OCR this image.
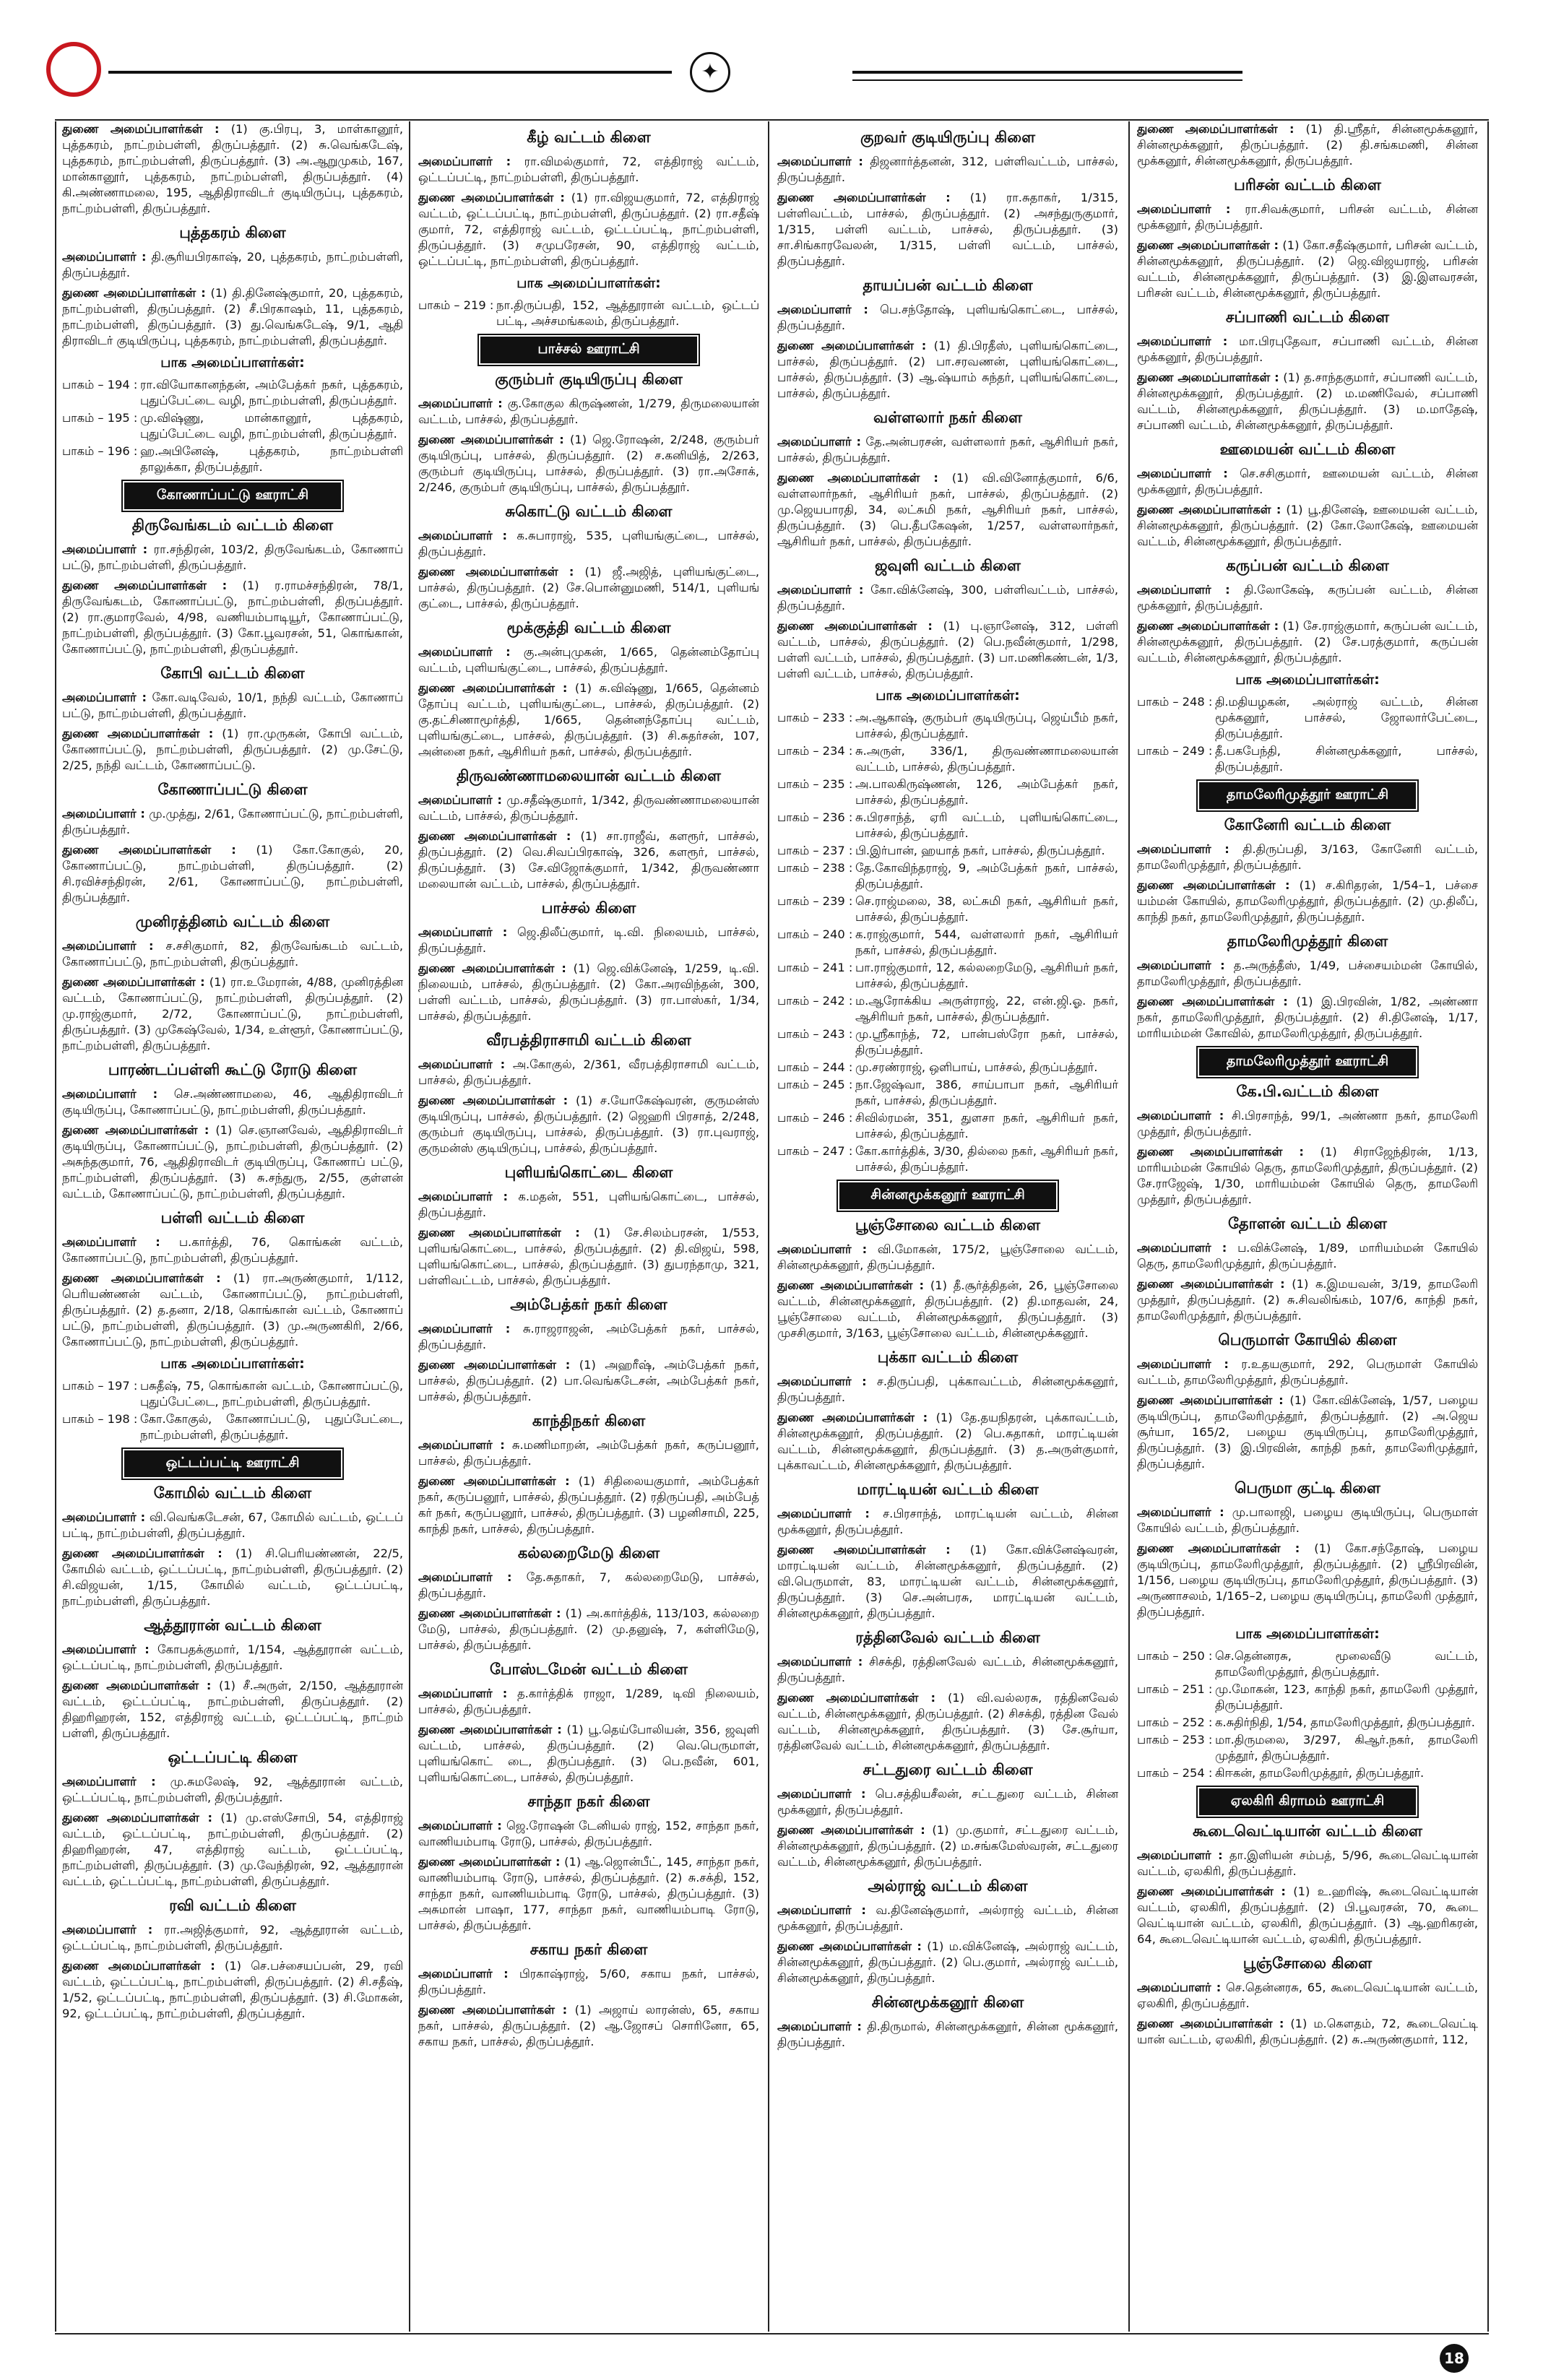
✦
துணை அமைப்பாளர்கள் : (1) கு.பிரபு, 3, மாள்கானூர், புத்தகரம், நாட்றம்பள்ளி, திருப்பத்தூர். (2) சு.வெங்கடேஷ், புத்தகரம், நாட்றம்பள்ளி, திருப்பத்தூர். (3) அ.ஆறுமுகம், 167, மான்கானூர், புத்தகரம், நாட்றம்பள்ளி, திருப்பத்தூர். (4) கி.அண்ணாமலை, 195, ஆதிதிராவிடர் குடியிருப்பு, புத்தகரம், நாட்றம்பள்ளி, திருப்பத்தூர்.
புத்தகரம் கிளை
அமைப்பாளர் : தி.சூரியபிரகாஷ், 20, புத்தகரம், நாட்றம்பள்ளி, திருப்பத்தூர்.
துணை அமைப்பாளர்கள் : (1) தி.தினேஷ்குமார், 20, புத்தகரம், நாட்றம்பள்ளி, திருப்பத்தூர். (2) சீ.பிரகாஷம், 11, புத்தகரம், நாட்றம்பள்ளி, திருப்பத்தூர். (3) து.வெங்கடேஷ், 9/1, ஆதி திராவிடர் குடியிருப்பு, புத்தகரம், நாட்றம்பள்ளி, திருப்பத்தூர்.
பாக அமைப்பாளர்கள்:
பாகம் – 194 : ரா.வியோகானந்தன், அம்பேத்கர் நகர், புத்தகரம், புதுப்பேட்டை வழி, நாட்றம்பள்ளி, திருப்பத்தூர்.
பாகம் – 195 : மு.விஷ்ணு, மான்கானூர், புத்தகரம், புதுப்பேட்டை வழி, நாட்றம்பள்ளி, திருப்பத்தூர்.
பாகம் – 196 : ஹ.அபினேஷ், புத்தகரம், நாட்றம்பள்ளி தாலுக்கா, திருப்பத்தூர்.
கோணாப்பட்டு ஊராட்சி
திருவேங்கடம் வட்டம் கிளை
அமைப்பாளர் : ரா.சந்திரன், 103/2, திருவேங்கடம், கோணாப் பட்டு, நாட்றம்பள்ளி, திருப்பத்தூர்.
துணை அமைப்பாளர்கள் : (1) ர.ராமச்சந்திரன், 78/1, திருவேங்கடம், கோணாப்பட்டு, நாட்றம்பள்ளி, திருப்பத்தூர். (2) ரா.குமாரவேல், 4/98, வணியம்பாடியூர், கோணாப்பட்டு, நாட்றம்பள்ளி, திருப்பத்தூர். (3) கோ.பூவரசன், 51, கொங்கான், கோணாப்பட்டு, நாட்றம்பள்ளி, திருப்பத்தூர்.
கோபி வட்டம் கிளை
அமைப்பாளர் : கோ.வடிவேல், 10/1, நந்தி வட்டம், கோணாப் பட்டு, நாட்றம்பள்ளி, திருப்பத்தூர்.
துணை அமைப்பாளர்கள் : (1) ரா.முருகன், கோபி வட்டம், கோணாப்பட்டு, நாட்றம்பள்ளி, திருப்பத்தூர். (2) மு.சேட்டு, 2/25, நந்தி வட்டம், கோணாப்பட்டு.
கோணாப்பட்டு கிளை
அமைப்பாளர் : மு.முத்து, 2/61, கோணாப்பட்டு, நாட்றம்பள்ளி, திருப்பத்தூர்.
துணை அமைப்பாளர்கள் : (1) கோ.கோகுல், 20, கோணாப்பட்டு, நாட்றம்பள்ளி, திருப்பத்தூர். (2) சி.ரவிச்சந்திரன், 2/61, கோணாப்பட்டு, நாட்றம்பள்ளி, திருப்பத்தூர்.
முனிரத்தினம் வட்டம் கிளை
அமைப்பாளர் : ச.சசிகுமார், 82, திருவேங்கடம் வட்டம், கோணாப்பட்டு, நாட்றம்பள்ளி, திருப்பத்தூர்.
துணை அமைப்பாளர்கள் : (1) ரா.உமேரான், 4/88, முனிரத்தின வட்டம், கோணாப்பட்டு, நாட்றம்பள்ளி, திருப்பத்தூர். (2) மு.ராஜ்குமார், 2/72, கோணாப்பட்டு, நாட்றம்பள்ளி, திருப்பத்தூர். (3) முகேஷ்வேல், 1/34, உள்ளூர், கோணாப்பட்டு, நாட்றம்பள்ளி, திருப்பத்தூர்.
பாரண்டப்பள்ளி கூட்டு ரோடு கிளை
அமைப்பாளர் : செ.அண்ணாமலை, 46, ஆதிதிராவிடர் குடியிருப்பு, கோணாப்பட்டு, நாட்றம்பள்ளி, திருப்பத்தூர்.
துணை அமைப்பாளர்கள் : (1) செ.ஞானவேல், ஆதிதிராவிடர் குடியிருப்பு, கோணாப்பட்டு, நாட்றம்பள்ளி, திருப்பத்தூர். (2) அசுந்தகுமார், 76, ஆதிதிராவிடர் குடியிருப்பு, கோணாப் பட்டு, நாட்றம்பள்ளி, திருப்பத்தூர். (3) சு.சந்துரு, 2/55, குள்ளன் வட்டம், கோணாப்பட்டு, நாட்றம்பள்ளி, திருப்பத்தூர்.
பள்ளி வட்டம் கிளை
அமைப்பாளர் : ப.கார்த்தி, 76, கொங்கன் வட்டம், கோணாப்பட்டு, நாட்றம்பள்ளி, திருப்பத்தூர்.
துணை அமைப்பாளர்கள் : (1) ரா.அருண்குமார், 1/112, பெரியண்ணன் வட்டம், கோணாப்பட்டு, நாட்றம்பள்ளி, திருப்பத்தூர். (2) த.தனா, 2/18, கொங்கான் வட்டம், கோணாப் பட்டு, நாட்றம்பள்ளி, திருப்பத்தூர். (3) மு.அருணகிரி, 2/66, கோணாப்பட்டு, நாட்றம்பள்ளி, திருப்பத்தூர்.
பாக அமைப்பாளர்கள்:
பாகம் – 197 : பசுதீஷ், 75, கொங்கான் வட்டம், கோணாப்பட்டு, புதுப்பேட்டை, நாட்றம்பள்ளி, திருப்பத்தூர்.
பாகம் – 198 : கோ.கோகுல், கோணாப்பட்டு, புதுப்பேட்டை, நாட்றம்பள்ளி, திருப்பத்தூர்.
ஒட்டப்பட்டி ஊராட்சி
கோமில் வட்டம் கிளை
அமைப்பாளர் : வி.வெங்கடேசன், 67, கோமில் வட்டம், ஒட்டப் பட்டி, நாட்றம்பள்ளி, திருப்பத்தூர்.
துணை அமைப்பாளர்கள் : (1) சி.பெரியண்ணன், 22/5, கோமில் வட்டம், ஒட்டப்பட்டி, நாட்றம்பள்ளி, திருப்பத்தூர். (2) சி.விஜயன், 1/15, கோமில் வட்டம், ஒட்டப்பட்டி, நாட்றம்பள்ளி, திருப்பத்தூர்.
ஆத்தூரான் வட்டம் கிளை
அமைப்பாளர் : கோபதக்குமார், 1/154, ஆத்தூரான் வட்டம், ஒட்டப்பட்டி, நாட்றம்பள்ளி, திருப்பத்தூர்.
துணை அமைப்பாளர்கள் : (1) சீ.அருள், 2/150, ஆத்தூரான் வட்டம், ஒட்டப்பட்டி, நாட்றம்பள்ளி, திருப்பத்தூர். (2) திஹரிஹரன், 152, எத்திராஜ் வட்டம், ஒட்டப்பட்டி, நாட்றம் பள்ளி, திருப்பத்தூர்.
ஒட்டப்பட்டி கிளை
அமைப்பாளர் : மு.சுமலேஷ், 92, ஆத்தூரான் வட்டம், ஒட்டப்பட்டி, நாட்றம்பள்ளி, திருப்பத்தூர்.
துணை அமைப்பாளர்கள் : (1) மு.எஸ்சோபி, 54, எத்திராஜ் வட்டம், ஒட்டப்பட்டி, நாட்றம்பள்ளி, திருப்பத்தூர். (2) திஹரிஹரன், 47, எத்திராஜ் வட்டம், ஒட்டப்பட்டி, நாட்றம்பள்ளி, திருப்பத்தூர். (3) மு.வேந்திரன், 92, ஆத்தூரான் வட்டம், ஒட்டப்பட்டி, நாட்றம்பள்ளி, திருப்பத்தூர்.
ரவி வட்டம் கிளை
அமைப்பாளர் : ரா.அஜித்குமார், 92, ஆத்தூரான் வட்டம், ஒட்டப்பட்டி, நாட்றம்பள்ளி, திருப்பத்தூர்.
துணை அமைப்பாளர்கள் : (1) செ.பச்சையப்பன், 29, ரவி வட்டம், ஒட்டப்பட்டி, நாட்றம்பள்ளி, திருப்பத்தூர். (2) சி.சதீஷ், 1/52, ஒட்டப்பட்டி, நாட்றம்பள்ளி, திருப்பத்தூர். (3) சி.மோகன், 92, ஒட்டப்பட்டி, நாட்றம்பள்ளி, திருப்பத்தூர்.
கீழ் வட்டம் கிளை
அமைப்பாளர் : ரா.விமல்குமார், 72, எத்திராஜ் வட்டம், ஒட்டப்பட்டி, நாட்றம்பள்ளி, திருப்பத்தூர்.
துணை அமைப்பாளர்கள் : (1) ரா.விஜயகுமார், 72, எத்திராஜ் வட்டம், ஒட்டப்பட்டி, நாட்றம்பள்ளி, திருப்பத்தூர். (2) ரா.சதீஷ் குமார், 72, எத்திராஜ் வட்டம், ஒட்டப்பட்டி, நாட்றம்பள்ளி, திருப்பத்தூர். (3) சமுபரேசன், 90, எத்திராஜ் வட்டம், ஒட்டப்பட்டி, நாட்றம்பள்ளி, திருப்பத்தூர்.
பாக அமைப்பாளர்கள்:
பாகம் – 219 : நா.திருப்பதி, 152, ஆத்தூரான் வட்டம், ஒட்டப் பட்டி, அச்சமங்கலம், திருப்பத்தூர்.
பாச்சல் ஊராட்சி
குரும்பர் குடியிருப்பு கிளை
அமைப்பாளர் : கு.கோகுல கிருஷ்ணன், 1/279, திருமலையான் வட்டம், பாச்சல், திருப்பத்தூர்.
துணை அமைப்பாளர்கள் : (1) ஜெ.ரோஷன், 2/248, குரும்பர் குடியிருப்பு, பாச்சல், திருப்பத்தூர். (2) ச.கனியித், 2/263, குரும்பர் குடியிருப்பு, பாச்சல், திருப்பத்தூர். (3) ரா.அசோக், 2/246, குரும்பர் குடியிருப்பு, பாச்சல், திருப்பத்தூர்.
சுகொட்டு வட்டம் கிளை
அமைப்பாளர் : க.சுபாராஜ், 535, புளியங்குட்டை, பாச்சல், திருப்பத்தூர்.
துணை அமைப்பாளர்கள் : (1) ஜீ.அஜித், புளியங்குட்டை, பாச்சல், திருப்பத்தூர். (2) சே.பொன்னுமணி, 514/1, புளியங் குட்டை, பாச்சல், திருப்பத்தூர்.
மூக்குத்தி வட்டம் கிளை
அமைப்பாளர் : கு.அன்புமுகன், 1/665, தென்னம்தோப்பு வட்டம், புளியங்குட்டை, பாச்சல், திருப்பத்தூர்.
துணை அமைப்பாளர்கள் : (1) சு.விஷ்ணு, 1/665, தென்னம் தோப்பு வட்டம், புளியங்குட்டை, பாச்சல், திருப்பத்தூர். (2) கு.தட்சிணாமூர்த்தி, 1/665, தென்னந்தோப்பு வட்டம், புளியங்குட்டை, பாச்சல், திருப்பத்தூர். (3) சி.சுதர்சன், 107, அன்னை நகர், ஆசிரியர் நகர், பாச்சல், திருப்பத்தூர்.
திருவண்ணாமலையான் வட்டம் கிளை
அமைப்பாளர் : மு.சதீஷ்குமார், 1/342, திருவண்ணாமலையான் வட்டம், பாச்சல், திருப்பத்தூர்.
துணை அமைப்பாளர்கள் : (1) சா.ராஜீவ், களரூர், பாச்சல், திருப்பத்தூர். (2) வெ.சிவப்பிரகாஷ், 326, களரூர், பாச்சல், திருப்பத்தூர். (3) சே.விஜோக்குமார், 1/342, திருவண்ணா மலையான் வட்டம், பாச்சல், திருப்பத்தூர்.
பாச்சல் கிளை
அமைப்பாளர் : ஜெ.திலீப்குமார், டி.வி. நிலையம், பாச்சல், திருப்பத்தூர்.
துணை அமைப்பாளர்கள் : (1) ஜெ.விக்னேஷ், 1/259, டி.வி. நிலையம், பாச்சல், திருப்பத்தூர். (2) கோ.அரவிந்தன், 300, பள்ளி வட்டம், பாச்சல், திருப்பத்தூர். (3) ரா.பாஸ்கர், 1/34, பாச்சல், திருப்பத்தூர்.
வீரபத்திராசாமி வட்டம் கிளை
அமைப்பாளர் : அ.கோகுல், 2/361, வீரபத்திராசாமி வட்டம், பாச்சல், திருப்பத்தூர்.
துணை அமைப்பாளர்கள் : (1) ச.யோகேஷ்வரன், குருமன்ஸ் குடியிருப்பு, பாச்சல், திருப்பத்தூர். (2) ஜெஹரி பிரசாத், 2/248, குரும்பர் குடியிருப்பு, பாச்சல், திருப்பத்தூர். (3) ரா.புவராஜ், குருமன்ஸ் குடியிருப்பு, பாச்சல், திருப்பத்தூர்.
புளியங்கொட்டை கிளை
அமைப்பாளர் : க.மதன், 551, புளியங்கொட்டை, பாச்சல், திருப்பத்தூர்.
துணை அமைப்பாளர்கள் : (1) சே.சிலம்பரசன், 1/553, புளியங்கொட்டை, பாச்சல், திருப்பத்தூர். (2) தி.விஜய், 598, புளியங்கொட்டை, பாச்சல், திருப்பத்தூர். (3) துபரந்தாமு, 321, பள்ளிவட்டம், பாச்சல், திருப்பத்தூர்.
அம்பேத்கர் நகர் கிளை
அமைப்பாளர் : சு.ராஜராஜன், அம்பேத்கர் நகர், பாச்சல், திருப்பத்தூர்.
துணை அமைப்பாளர்கள் : (1) அஹரீஷ், அம்பேத்கர் நகர், பாச்சல், திருப்பத்தூர். (2) பா.வெங்கடேசன், அம்பேத்கர் நகர், பாச்சல், திருப்பத்தூர்.
காந்திநகர் கிளை
அமைப்பாளர் : சு.மணிமாறன், அம்பேத்கர் நகர், கருப்பனூர், பாச்சல், திருப்பத்தூர்.
துணை அமைப்பாளர்கள் : (1) சிதிலையகுமார், அம்பேத்கர் நகர், கருப்பனூர், பாச்சல், திருப்பத்தூர். (2) ரதிருப்பதி, அம்பேத் கர் நகர், கருப்பனூர், பாச்சல், திருப்பத்தூர். (3) பழனிசாமி, 225, காந்தி நகர், பாச்சல், திருப்பத்தூர்.
கல்லறைமேடு கிளை
அமைப்பாளர் : தே.சுதாகர், 7, கல்லறைமேடு, பாச்சல், திருப்பத்தூர்.
துணை அமைப்பாளர்கள் : (1) அ.கார்த்திக், 113/103, கல்லறை மேடு, பாச்சல், திருப்பத்தூர். (2) மு.தனுஷ், 7, கள்ளிமேடு, பாச்சல், திருப்பத்தூர்.
போஸ்டமேன் வட்டம் கிளை
அமைப்பாளர் : த.கார்த்திக் ராஜா, 1/289, டிவி நிலையம், பாச்சல், திருப்பத்தூர்.
துணை அமைப்பாளர்கள் : (1) பூ.தெய்போலியன், 356, ஜவுளி வட்டம், பாச்சல், திருப்பத்தூர். (2) வெ.பெருமாள், புளியங்கொட் டை, திருப்பத்தூர். (3) பெ.நவீன், 601, புளியங்கொட்டை, பாச்சல், திருப்பத்தூர்.
சாந்தா நகர் கிளை
அமைப்பாளர் : ஜெ.ரோஷன் டேனியல் ராஜ், 152, சாந்தா நகர், வாணியம்பாடி ரோடு, பாச்சல், திருப்பத்தூர்.
துணை அமைப்பாளர்கள் : (1) ஆ.ஜொன்பீட், 145, சாந்தா நகர், வாணியம்பாடி ரோடு, பாச்சல், திருப்பத்தூர். (2) சு.சக்தி, 152, சாந்தா நகர், வாணியம்பாடி ரோடு, பாச்சல், திருப்பத்தூர். (3) அசுமான் பாஷா, 177, சாந்தா நகர், வாணியம்பாடி ரோடு, பாச்சல், திருப்பத்தூர்.
சகாய நகர் கிளை
அமைப்பாளர் : பிரகாஷ்ராஜ், 5/60, சகாய நகர், பாச்சல், திருப்பத்தூர்.
துணை அமைப்பாளர்கள் : (1) அஜாய் லாரன்ஸ், 65, சகாய நகர், பாச்சல், திருப்பத்தூர். (2) ஆ.ஜோசப் சொரினோ, 65, சகாய நகர், பாச்சல், திருப்பத்தூர்.
குறவர் குடியிருப்பு கிளை
அமைப்பாளர் : திஜனார்த்தனன், 312, பள்ளிவட்டம், பாச்சல், திருப்பத்தூர்.
துணை அமைப்பாளர்கள் : (1) ரா.சுதாகர், 1/315, பள்ளிவட்டம், பாச்சல், திருப்பத்தூர். (2) அசந்துருகுமார், 1/315, பள்ளி வட்டம், பாச்சல், திருப்பத்தூர். (3) சா.சிங்காரவேலன், 1/315, பள்ளி வட்டம், பாச்சல், திருப்பத்தூர்.
தாயப்பன் வட்டம் கிளை
அமைப்பாளர் : பெ.சந்தோஷ், புளியங்கொட்டை, பாச்சல், திருப்பத்தூர்.
துணை அமைப்பாளர்கள் : (1) தி.பிரதீஸ், புளியங்கொட்டை, பாச்சல், திருப்பத்தூர். (2) பா.சரவணன், புளியங்கொட்டை, பாச்சல், திருப்பத்தூர். (3) ஆ.ஷ்யாம் சுந்தர், புளியங்கொட்டை, பாச்சல், திருப்பத்தூர்.
வள்ளலார் நகர் கிளை
அமைப்பாளர் : தே.அன்பரசன், வள்ளலார் நகர், ஆசிரியர் நகர், பாச்சல், திருப்பத்தூர்.
துணை அமைப்பாளர்கள் : (1) வி.வினோத்குமார், 6/6, வள்ளலார்நகர், ஆசிரியர் நகர், பாச்சல், திருப்பத்தூர். (2) மு.ஜெயபாரதி, 34, லட்சுமி நகர், ஆசிரியர் நகர், பாச்சல், திருப்பத்தூர். (3) பெ.தீபகேஷன், 1/257, வள்ளலார்நகர், ஆசிரியர் நகர், பாச்சல், திருப்பத்தூர்.
ஜவுளி வட்டம் கிளை
அமைப்பாளர் : கோ.விக்னேஷ், 300, பள்ளிவட்டம், பாச்சல், திருப்பத்தூர்.
துணை அமைப்பாளர்கள் : (1) பு.ஞானேஷ், 312, பள்ளி வட்டம், பாச்சல், திருப்பத்தூர். (2) பெ.நவீன்குமார், 1/298, பள்ளி வட்டம், பாச்சல், திருப்பத்தூர். (3) பா.மணிகண்டன், 1/3, பள்ளி வட்டம், பாச்சல், திருப்பத்தூர்.
பாக அமைப்பாளர்கள்:
பாகம் – 233 : அ.ஆகாஷ், குரும்பர் குடியிருப்பு, ஜெய்பீம் நகர், பாச்சல், திருப்பத்தூர்.
பாகம் – 234 : சு.அருள், 336/1, திருவண்ணாமலையான் வட்டம், பாச்சல், திருப்பத்தூர்.
பாகம் – 235 : அ.பாலகிருஷ்ணன், 126, அம்பேத்கர் நகர், பாச்சல், திருப்பத்தூர்.
பாகம் – 236 : சு.பிரசாந்த், ஏரி வட்டம், புளியங்கொட்டை, பாச்சல், திருப்பத்தூர்.
பாகம் – 237 : பி.இர்பான், ஹயாத் நகர், பாச்சல், திருப்பத்தூர்.
பாகம் – 238 : தே.கோவிந்தராஜ், 9, அம்பேத்கர் நகர், பாச்சல், திருப்பத்தூர்.
பாகம் – 239 : செ.ராஜ்மலை, 38, லட்சுமி நகர், ஆசிரியர் நகர், பாச்சல், திருப்பத்தூர்.
பாகம் – 240 : க.ராஜ்குமார், 544, வள்ளலார் நகர், ஆசிரியர் நகர், பாச்சல், திருப்பத்தூர்.
பாகம் – 241 : பா.ராஜ்குமார், 12, கல்லறைமேடு, ஆசிரியர் நகர், பாச்சல், திருப்பத்தூர்.
பாகம் – 242 : ம.ஆரோக்கிய அருள்ராஜ், 22, என்.ஜி.ஓ. நகர், ஆசிரியர் நகர், பாச்சல், திருப்பத்தூர்.
பாகம் – 243 : மு.ஸ்ரீகாந்த், 72, பான்பஸ்ரோ நகர், பாச்சல், திருப்பத்தூர்.
பாகம் – 244 : மு.சரண்ராஜ், ஒளிபாய், பாச்சல், திருப்பத்தூர்.
பாகம் – 245 : நா.ஜேஷ்வா, 386, சாய்பாபா நகர், ஆசிரியர் நகர், பாச்சல், திருப்பத்தூர்.
பாகம் – 246 : சிவில்ரமன், 351, துளசா நகர், ஆசிரியர் நகர், பாச்சல், திருப்பத்தூர்.
பாகம் – 247 : கோ.கார்த்திக், 3/30, தில்லை நகர், ஆசிரியர் நகர், பாச்சல், திருப்பத்தூர்.
சின்னமூக்கனூர் ஊராட்சி
பூஞ்சோலை வட்டம் கிளை
அமைப்பாளர் : வி.மோகன், 175/2, பூஞ்சோலை வட்டம், சின்னமூக்கனூர், திருப்பத்தூர்.
துணை அமைப்பாளர்கள் : (1) தீ.சூர்த்திதன், 26, பூஞ்சோலை வட்டம், சின்னமூக்கனூர், திருப்பத்தூர். (2) தி.மாதவன், 24, பூஞ்சோலை வட்டம், சின்னமூக்கனூர், திருப்பத்தூர். (3) முசசிகுமார், 3/163, பூஞ்சோலை வட்டம், சின்னமூக்கனூர்.
புக்கா வட்டம் கிளை
அமைப்பாளர் : ச.திருப்பதி, புக்காவட்டம், சின்னமூக்கனூர், திருப்பத்தூர்.
துணை அமைப்பாளர்கள் : (1) தே.தயநிதரன், புக்காவட்டம், சின்னமூக்கனூர், திருப்பத்தூர். (2) பெ.சுதாகர், மாரட்டியன் வட்டம், சின்னமூக்கனூர், திருப்பத்தூர். (3) த.அருள்குமார், புக்காவட்டம், சின்னமூக்கனூர், திருப்பத்தூர்.
மாரட்டியன் வட்டம் கிளை
அமைப்பாளர் : ச.பிரசாந்த், மாரட்டியன் வட்டம், சின்ன மூக்கனூர், திருப்பத்தூர்.
துணை அமைப்பாளர்கள் : (1) கோ.விக்னேஷ்வரன், மாரட்டியன் வட்டம், சின்னமூக்கனூர், திருப்பத்தூர். (2) வி.பெருமாள், 83, மாரட்டியன் வட்டம், சின்னமூக்கனூர், திருப்பத்தூர். (3) செ.அன்பரசு, மாரட்டியன் வட்டம், சின்னமூக்கனூர், திருப்பத்தூர்.
ரத்தினவேல் வட்டம் கிளை
அமைப்பாளர் : சிசக்தி, ரத்தினவேல் வட்டம், சின்னமூக்கனூர், திருப்பத்தூர்.
துணை அமைப்பாளர்கள் : (1) வி.வல்லரசு, ரத்தினவேல் வட்டம், சின்னமூக்கனூர், திருப்பத்தூர். (2) சிசக்தி, ரத்தின வேல் வட்டம், சின்னமூக்கனூர், திருப்பத்தூர். (3) சே.சூர்யா, ரத்தினவேல் வட்டம், சின்னமூக்கனூர், திருப்பத்தூர்.
சட்டதுரை வட்டம் கிளை
அமைப்பாளர் : பெ.சத்தியசீலன், சட்டதுரை வட்டம், சின்ன மூக்கனூர், திருப்பத்தூர்.
துணை அமைப்பாளர்கள் : (1) மு.குமார், சட்டதுரை வட்டம், சின்னமூக்கனூர், திருப்பத்தூர். (2) ம.சங்கமேஸ்வரன், சட்டதுரை வட்டம், சின்னமூக்கனூர், திருப்பத்தூர்.
அல்ராஜ் வட்டம் கிளை
அமைப்பாளர் : வ.தினேஷ்குமார், அல்ராஜ் வட்டம், சின்ன மூக்கனூர், திருப்பத்தூர்.
துணை அமைப்பாளர்கள் : (1) ம.விக்னேஷ், அல்ராஜ் வட்டம், சின்னமூக்கனூர், திருப்பத்தூர். (2) பெ.குமார், அல்ராஜ் வட்டம், சின்னமூக்கனூர், திருப்பத்தூர்.
சின்னமூக்கனூர் கிளை
அமைப்பாளர் : தி.திருமால், சின்னமூக்கனூர், சின்ன மூக்கனூர், திருப்பத்தூர்.
துணை அமைப்பாளர்கள் : (1) தி.ஸ்ரீதர், சின்னமூக்கனூர், சின்னமூக்கனூர், திருப்பத்தூர். (2) தி.சங்கமணி, சின்ன மூக்கனூர், சின்னமூக்கனூர், திருப்பத்தூர்.
பரிசன் வட்டம் கிளை
அமைப்பாளர் : ரா.சிவக்குமார், பரிசன் வட்டம், சின்ன மூக்கனூர், திருப்பத்தூர்.
துணை அமைப்பாளர்கள் : (1) கோ.சதீஷ்குமார், பரிசன் வட்டம், சின்னமூக்கனூர், திருப்பத்தூர். (2) ஜெ.விஜயராஜ், பரிசன் வட்டம், சின்னமூக்கனூர், திருப்பத்தூர். (3) இ.இளவரசன், பரிசன் வட்டம், சின்னமூக்கனூர், திருப்பத்தூர்.
சப்பாணி வட்டம் கிளை
அமைப்பாளர் : மா.பிரபுதேவா, சப்பாணி வட்டம், சின்ன மூக்கனூர், திருப்பத்தூர்.
துணை அமைப்பாளர்கள் : (1) த.சாந்தகுமார், சப்பாணி வட்டம், சின்னமூக்கனூர், திருப்பத்தூர். (2) ம.மணிவேல், சப்பாணி வட்டம், சின்னமூக்கனூர், திருப்பத்தூர். (3) ம.மாதேஷ், சப்பாணி வட்டம், சின்னமூக்கனூர், திருப்பத்தூர்.
ஊமையன் வட்டம் கிளை
அமைப்பாளர் : செ.சசிகுமார், ஊமையன் வட்டம், சின்ன மூக்கனூர், திருப்பத்தூர்.
துணை அமைப்பாளர்கள் : (1) பூ.தினேஷ், ஊமையன் வட்டம், சின்னமூக்கனூர், திருப்பத்தூர். (2) கோ.லோகேஷ், ஊமையன் வட்டம், சின்னமூக்கனூர், திருப்பத்தூர்.
கருப்பன் வட்டம் கிளை
அமைப்பாளர் : தி.லோகேஷ், கருப்பன் வட்டம், சின்ன மூக்கனூர், திருப்பத்தூர்.
துணை அமைப்பாளர்கள் : (1) சே.ராஜ்குமார், கருப்பன் வட்டம், சின்னமூக்கனூர், திருப்பத்தூர். (2) சே.பரத்குமார், கருப்பன் வட்டம், சின்னமூக்கனூர், திருப்பத்தூர்.
பாக அமைப்பாளர்கள்:
பாகம் – 248 : தி.மதியழகன், அல்ராஜ் வட்டம், சின்ன மூக்கனூர், பாச்சல், ஜோலார்பேட்டை, திருப்பத்தூர்.
பாகம் – 249 : தீ.பகபேந்தி, சின்னமூக்கனூர், பாச்சல், திருப்பத்தூர்.
தாமலேரிமுத்தூர் ஊராட்சி
கோனேரி வட்டம் கிளை
அமைப்பாளர் : தி.திருப்பதி, 3/163, கோனேரி வட்டம், தாமலேரிமுத்தூர், திருப்பத்தூர்.
துணை அமைப்பாளர்கள் : (1) ச.கிரிதரன், 1/54–1, பச்சை யம்மன் கோயில், தாமலேரிமுத்தூர், திருப்பத்தூர். (2) மு.திலீப், காந்தி நகர், தாமலேரிமுத்தூர், திருப்பத்தூர்.
தாமலேரிமுத்தூர் கிளை
அமைப்பாளர் : த.அருத்தீஸ், 1/49, பச்சையம்மன் கோயில், தாமலேரிமுத்தூர், திருப்பத்தூர்.
துணை அமைப்பாளர்கள் : (1) இ.பிரவின், 1/82, அண்ணா நகர், தாமலேரிமுத்தூர், திருப்பத்தூர். (2) சி.தினேஷ், 1/17, மாரியம்மன் கோவில், தாமலேரிமுத்தூர், திருப்பத்தூர்.
தாமலேரிமுத்தூர் ஊராட்சி
கே.பி.வட்டம் கிளை
அமைப்பாளர் : சி.பிரசாந்த், 99/1, அண்ணா நகர், தாமலேரி முத்தூர், திருப்பத்தூர்.
துணை அமைப்பாளர்கள் : (1) சிராஜேந்திரன், 1/13, மாரியம்மன் கோயில் தெரு, தாமலேரிமுத்தூர், திருப்பத்தூர். (2) சே.ராஜேஷ், 1/30, மாரியம்மன் கோயில் தெரு, தாமலேரி முத்தூர், திருப்பத்தூர்.
தோளன் வட்டம் கிளை
அமைப்பாளர் : ப.விக்னேஷ், 1/89, மாரியம்மன் கோயில் தெரு, தாமலேரிமுத்தூர், திருப்பத்தூர்.
துணை அமைப்பாளர்கள் : (1) க.இமயவன், 3/19, தாமலேரி முத்தூர், திருப்பத்தூர். (2) சு.சிவலிங்கம், 107/6, காந்தி நகர், தாமலேரிமுத்தூர், திருப்பத்தூர்.
பெருமாள் கோயில் கிளை
அமைப்பாளர் : ர.உதயகுமார், 292, பெருமாள் கோயில் வட்டம், தாமலேரிமுத்தூர், திருப்பத்தூர்.
துணை அமைப்பாளர்கள் : (1) கோ.விக்னேஷ், 1/57, பழைய குடியிருப்பு, தாமலேரிமுத்தூர், திருப்பத்தூர். (2) அ.ஜெய சூர்யா, 165/2, பழைய குடியிருப்பு, தாமலேரிமுத்தூர், திருப்பத்தூர். (3) இ.பிரவின், காந்தி நகர், தாமலேரிமுத்தூர், திருப்பத்தூர்.
பெருமா குட்டி கிளை
அமைப்பாளர் : மு.பாலாஜி, பழைய குடியிருப்பு, பெருமாள் கோயில் வட்டம், திருப்பத்தூர்.
துணை அமைப்பாளர்கள் : (1) கோ.சந்தோஷ், பழைய குடியிருப்பு, தாமலேரிமுத்தூர், திருப்பத்தூர். (2) ஸ்ரீபிரவின், 1/156, பழைய குடியிருப்பு, தாமலேரிமுத்தூர், திருப்பத்தூர். (3) அருணாசலம், 1/165–2, பழைய குடியிருப்பு, தாமலேரி முத்தூர், திருப்பத்தூர்.
பாக அமைப்பாளர்கள்:
பாகம் – 250 : செ.தென்னரசு, மூலைவீடு வட்டம், தாமலேரிமுத்தூர், திருப்பத்தூர்.
பாகம் – 251 : மு.மோகன், 123, காந்தி நகர், தாமலேரி முத்தூர், திருப்பத்தூர்.
பாகம் – 252 : க.சுதிர்நிதி, 1/54, தாமலேரிமுத்தூர், திருப்பத்தூர்.
பாகம் – 253 : மா.திருமலை, 3/297, கிஆர்.நகர், தாமலேரி முத்தூர், திருப்பத்தூர்.
பாகம் – 254 : கிஈகன், தாமலேரிமுத்தூர், திருப்பத்தூர்.
ஏலகிரி கிராமம் ஊராட்சி
கூடைவெட்டியான் வட்டம் கிளை
அமைப்பாளர் : தா.இளியன் சம்பத், 5/96, கூடைவெட்டியான் வட்டம், ஏலகிரி, திருப்பத்தூர்.
துணை அமைப்பாளர்கள் : (1) உ.ஹரிஷ், கூடைவெட்டியான் வட்டம், ஏலகிரி, திருப்பத்தூர். (2) பி.பூவரசன், 70, கூடை வெட்டியான் வட்டம், ஏலகிரி, திருப்பத்தூர். (3) ஆ.ஹரிகரன், 64, கூடைவெட்டியான் வட்டம், ஏலகிரி, திருப்பத்தூர்.
பூஞ்சோலை கிளை
அமைப்பாளர் : செ.தென்னரசு, 65, கூடைவெட்டியான் வட்டம், ஏலகிரி, திருப்பத்தூர்.
துணை அமைப்பாளர்கள் : (1) ம.கௌதம், 72, கூடைவெட்டி யான் வட்டம், ஏலகிரி, திருப்பத்தூர். (2) சு.அருண்குமார், 112,
18
